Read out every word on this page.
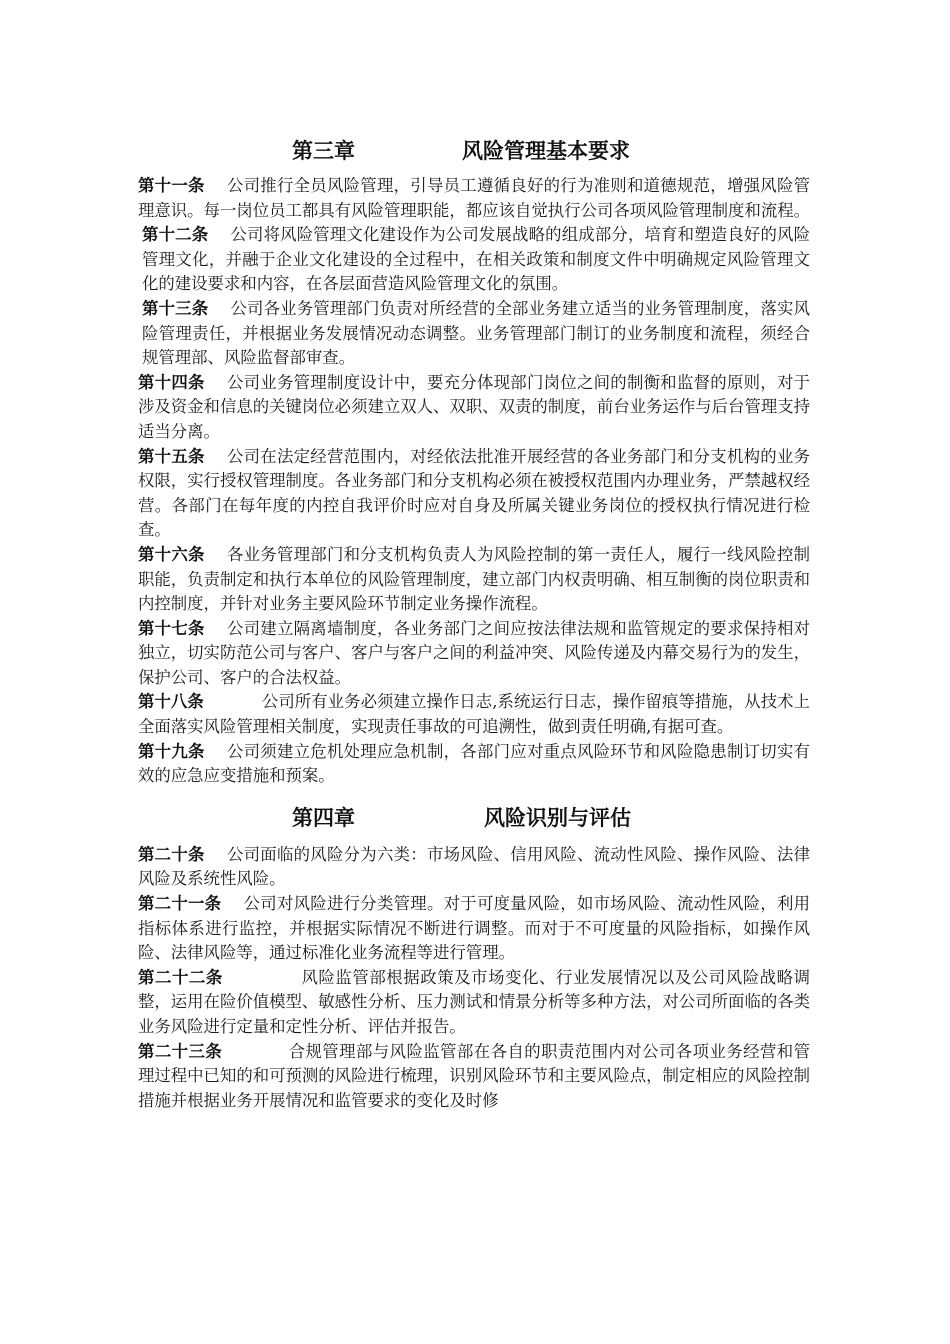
第三章	风险管理基本要求

第十一条 公司推行全员风险管理，引导员工遵循良好的行为准则和道德规范，增强风险管理意识。每一岗位员工都具有风险管理职能，都应该自觉执行公司各项风险管理制度和流程。

第十二条 公司将风险管理文化建设作为公司发展战略的组成部分，培育和塑造良好的风险管理文化，并融于企业文化建设的全过程中，在相关政策和制度文件中明确规定风险管理文化的建设要求和内容，在各层面营造风险管理文化的氛围。

第十三条 公司各业务管理部门负责对所经营的全部业务建立适当的业务管理制度，落实风险管理责任，并根据业务发展情况动态调整。业务管理部门制订的业务制度和流程，须经合规管理部、风险监督部审查。

第十四条 公司业务管理制度设计中，要充分体现部门岗位之间的制衡和监督的原则，对于涉及资金和信息的关键岗位必须建立双人、双职、双责的制度，前台业务运作与后台管理支持适当分离。

第十五条 公司在法定经营范围内，对经依法批准开展经营的各业务部门和分支机构的业务权限，实行授权管理制度。各业务部门和分支机构必须在被授权范围内办理业务，严禁越权经营。各部门在每年度的内控自我评价时应对自身及所属关键业务岗位的授权执行情况进行检查。

第十六条 各业务管理部门和分支机构负责人为风险控制的第一责任人，履行一线风险控制职能，负责制定和执行本单位的风险管理制度，建立部门内权责明确、相互制衡的岗位职责和内控制度，并针对业务主要风险环节制定业务操作流程。

第十七条 公司建立隔离墙制度，各业务部门之间应按法律法规和监管规定的要求保持相对独立，切实防范公司与客户、客户与客户之间的利益冲突、风险传递及内幕交易行为的发生，保护公司、客户的合法权益。

第十八条	公司所有业务必须建立操作日志,系统运行日志，操作留痕等措施，从技术上全面落实风险管理相关制度，实现责任事故的可追溯性，做到责任明确,有据可查。

第十九条 公司须建立危机处理应急机制，各部门应对重点风险环节和风险隐患制订切实有效的应急应变措施和预案。

第四章	风险识别与评估

第二十条 公司面临的风险分为六类：市场风险、信用风险、流动性风险、操作风险、法律风险及系统性风险。

第二十一条 公司对风险进行分类管理。对于可度量风险，如市场风险、流动性风险，利用指标体系进行监控，并根据实际情况不断进行调整。而对于不可度量的风险指标，如操作风险、法律风险等，通过标准化业务流程等进行管理。

第二十二条	风险监管部根据政策及市场变化、行业发展情况以及公司风险战略调整，运用在险价值模型、敏感性分析、压力测试和情景分析等多种方法，对公司所面临的各类业务风险进行定量和定性分析、评估并报告。

第二十三条	合规管理部与风险监管部在各自的职责范围内对公司各项业务经营和管理过程中已知的和可预测的风险进行梳理，识别风险环节和主要风险点，制定相应的风险控制措施并根据业务开展情况和监管要求的变化及时修
